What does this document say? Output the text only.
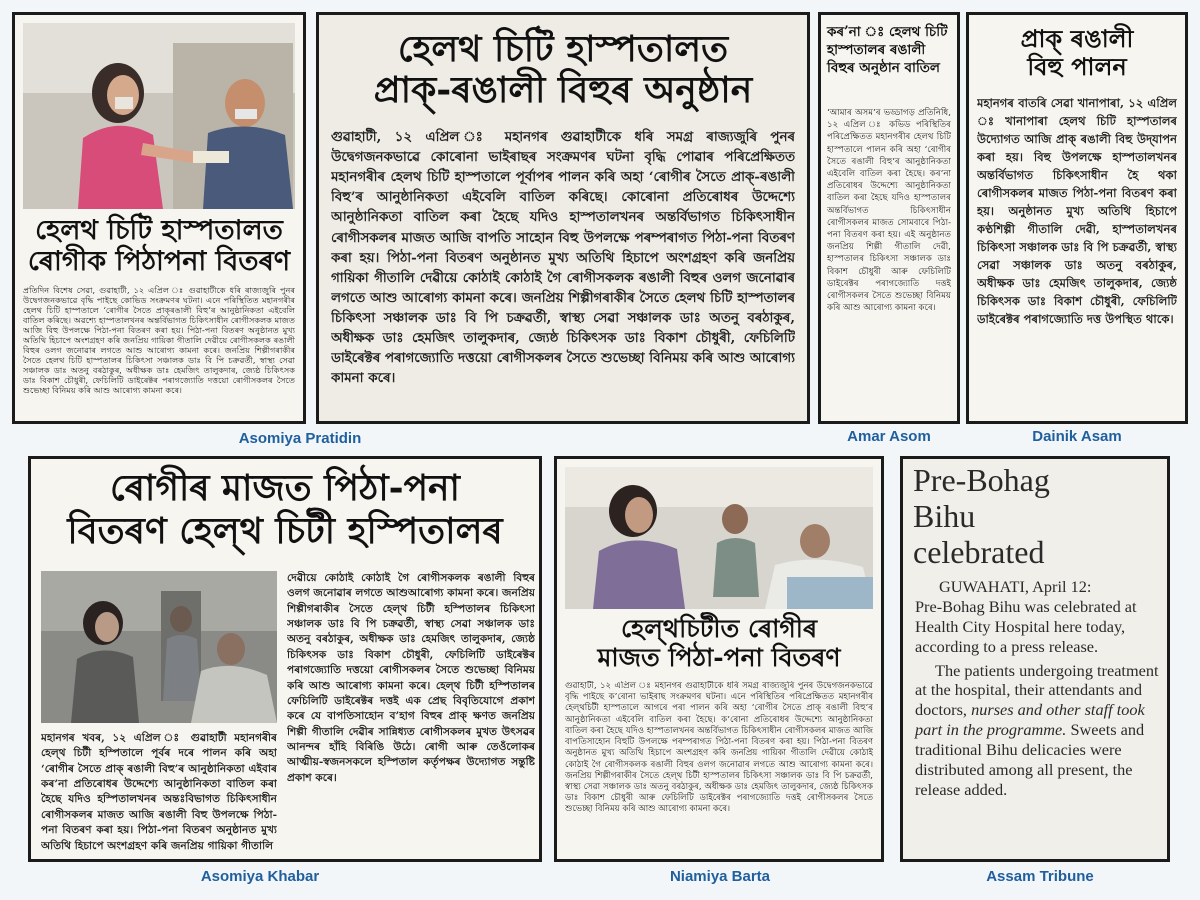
হেলথ চিটি হাস্পতালত

ৰোগীক পিঠাপনা বিতৰণ

প্ৰতিদিন বিশেষ সেৱা, গুৱাহাটী, ১২ এপ্ৰিল ঃ গুৱাহাটীকে ধৰি ৰাজ্যজুৰি পুনৰ উদ্বেগজনকভাৱে বৃদ্ধি পাইছে কোভিড সংক্ৰমণৰ ঘটনা। এনে পৰিস্থিতিত মহানগৰীৰ হেলথ চিটি হাস্পতালে ‘ৰোগীৰ সৈতে প্ৰাক্‌ৰঙালী বিহু’ৰ আনুষ্ঠানিকতা এইবেলি বাতিল কৰিছে। অৱশ্যে হাস্পতালখনৰ অন্তৰ্বিভাগত চিকিৎসাধীন ৰোগীসকলক মাজত আজি বিহু উপলক্ষে পিঠা-পনা বিতৰণ কৰা হয়। পিঠা-পনা বিতৰণ অনুষ্ঠানত মুখ্য অতিথি হিচাপে অংশগ্ৰহণ কৰি জনপ্ৰিয় গায়িকা গীতালি দেৱীয়ে ৰোগীসকলক ৰঙালী বিহুৰ ওলগ জনোৱাৰ লগতে আশু আৰোগ্য কামনা কৰে। জনপ্ৰিয় শিল্পীগৰাকীৰ সৈতে হেলথ চিটি হাস্পতালৰ চিকিৎসা সঞ্চালক ডাঃ বি পি চক্ৰৱৰ্তী, স্বাস্থ্য সেৱা সঞ্চালক ডাঃ অতনু বৰঠাকুৰ, অধীক্ষক ডাঃ হেমজিৎ তালুকদাৰ, জ্যেষ্ঠ চিকিৎসক ডাঃ বিকাশ চৌধুৰী, ফেচিলিটি ডাইৰেক্টৰ পৰাগজ্যোতি দত্তয়ো ৰোগীসকলৰ সৈতে শুভেচ্ছা বিনিময় কৰি আশু আৰোগ্য কামনা কৰে।

Asomiya Pratidin

হেলথ চিটি হাস্পতালত

প্ৰাক্‌-ৰঙালী বিহুৰ অনুষ্ঠান

গুৱাহাটী, ১২ এপ্ৰিল ঃ মহানগৰ গুৱাহাটীকে ধৰি সমগ্ৰ ৰাজ্যজুৰি পুনৰ উদ্বেগজনকভাৱে কোৰোনা ভাইৰাছৰ সংক্ৰমণৰ ঘটনা বৃদ্ধি পোৱাৰ পৰিপ্ৰেক্ষিতত মহানগৰীৰ হেলথ চিটি হাস্পতালে পূৰ্বাপৰ পালন কৰি অহা ‘ৰোগীৰ সৈতে প্ৰাক্‌-ৰঙালী বিহু’ৰ আনুষ্ঠানিকতা এইবেলি বাতিল কৰিছে। কোৰোনা প্ৰতিৰোধৰ উদ্দেশ্যে আনুষ্ঠানিকতা বাতিল কৰা হৈছে যদিও হাস্পতালখনৰ অন্তৰ্বিভাগত চিকিৎসাধীন ৰোগীসকলৰ মাজত আজি বাপতি সাহোন বিহু উপলক্ষে পৰম্পৰাগত পিঠা-পনা বিতৰণ কৰা হয়। পিঠা-পনা বিতৰণ অনুষ্ঠানত মুখ্য অতিথি হিচাপে অংশগ্ৰহণ কৰি জনপ্ৰিয় গায়িকা গীতালি দেৱীয়ে কোঠাই কোঠাই গৈ ৰোগীসকলক ৰঙালী বিহুৰ ওলগ জনোৱাৰ লগতে আশু আৰোগ্য কামনা কৰে। জনপ্ৰিয় শিল্পীগৰাকীৰ সৈতে হেলথ চিটি হাস্পতালৰ চিকিৎসা সঞ্চালক ডাঃ বি পি চক্ৰৱৰ্তী, স্বাস্থ্য সেৱা সঞ্চালক ডাঃ অতনু বৰঠাকুৰ, অধীক্ষক ডাঃ হেমজিৎ তালুকদাৰ, জ্যেষ্ঠ চিকিৎসক ডাঃ বিকাশ চৌধুৰী, ফেচিলিটি ডাইৰেক্টৰ পৰাগজ্যোতি দত্তয়ো ৰোগীসকলৰ সৈতে শুভেচ্ছা বিনিময় কৰি আশু আৰোগ্য কামনা কৰে।

কৰ’না ঃ হেলথ চিটি হাস্পতালৰ ৰঙালী বিহুৰ অনুষ্ঠান বাতিল

‘আমাৰ অসম’ৰ ভড্ডাগড় প্ৰতিনিধি, ১২ এপ্ৰিল ঃ কভিড পৰিস্থিতিৰ পৰিপ্ৰেক্ষিতত মহানগৰীৰ হেলথ চিটি হাস্পতালে পালন কৰি অহা ‘ৰোগীৰ সৈতে ৰঙালী বিহু’ৰ আনুষ্ঠানিকতা এইবেলি বাতিল কৰা হৈছে। কৰ’না প্ৰতিৰোধৰ উদ্দেশ্যে আনুষ্ঠানিকতা বাতিল কৰা হৈছে যদিও হাস্পতালৰ অন্তৰ্বিভাগত চিকিৎসাধীন ৰোগীসকলৰ মাজত সোমবাৰে পিঠা-পনা বিতৰণ কৰা হয়। এই অনুষ্ঠানত জনপ্ৰিয় শিল্পী গীতালি দেৱী, হাস্পতালৰ চিকিৎসা সঞ্চালক ডাঃ বিকাশ চৌধুৰী আৰু ফেচিলিটি ডাইৰেক্টৰ পৰাগজ্যোতি দত্তই ৰোগীসকলৰ সৈতে শুভেচ্ছা বিনিময় কৰি আশু আৰোগ্য কামনা কৰে।

Amar Asom

প্ৰাক্‌ ৰঙালী

বিহু পালন

মহানগৰ বাতৰি সেৱা খানাপাৰা, ১২ এপ্ৰিল ঃ খানাপাৰা হেলথ চিটি হাস্পতালৰ উদ্যোগত আজি প্ৰাক্‌ ৰঙালী বিহু উদ্‌যাপন কৰা হয়। বিহু উপলক্ষে হাস্পতালখনৰ অন্তৰ্বিভাগত চিকিৎসাধীন হৈ থকা ৰোগীসকলৰ মাজত পিঠা-পনা বিতৰণ কৰা হয়। অনুষ্ঠানত মুখ্য অতিথি হিচাপে কণ্ঠশিল্পী গীতালি দেৱী, হাস্পতালখনৰ চিকিৎসা সঞ্চালক ডাঃ বি পি চক্ৰৱৰ্তী, স্বাস্থ্য সেৱা সঞ্চালক ডাঃ অতনু বৰঠাকুৰ, অধীক্ষক ডাঃ হেমজিৎ তালুকদাৰ, জ্যেষ্ঠ চিকিৎসক ডাঃ বিকাশ চৌধুৰী, ফেচিলিটি ডাইৰেক্টৰ পৰাগজ্যোতি দত্ত উপস্থিত থাকে।

Dainik Asam

ৰোগীৰ মাজত পিঠা-পনা

বিতৰণ হেল্‌থ চিটী হস্পিতালৰ

মহানগৰ খবৰ, ১২ এপ্ৰিল ঃ গুৱাহাটী মহানগৰীৰ হেল্‌থ চিটী হস্পিতালে পূৰ্বৰ দৰে পালন কৰি অহা ‘ৰোগীৰ সৈতে প্ৰাক্‌ ৰঙালী বিহু’ৰ আনুষ্ঠানিকতা এইবাৰ কৰ’না প্ৰতিৰোধৰ উদ্দেশ্যে আনুষ্ঠানিকতা বাতিল কৰা হৈছে যদিও হস্পিতালখনৰ অন্তঃবিভাগত চিকিৎসাধীন ৰোগীসকলৰ মাজত আজি ৰঙালী বিহু উপলক্ষে পিঠা-পনা বিতৰণ কৰা হয়। পিঠা-পনা বিতৰণ অনুষ্ঠানত মুখ্য অতিথি হিচাপে অংশগ্ৰহণ কৰি জনপ্ৰিয় গায়িকা গীতালি

দেৱীয়ে কোঠাই কোঠাই গৈ ৰোগীসকলক ৰঙালী বিহুৰ ওলগ জনোৱাৰ লগতে আশুআৰোগ্য কামনা কৰে। জনপ্ৰিয় শিল্পীগৰাকীৰ সৈতে হেল্‌থ চিটী হস্পিতালৰ চিকিৎসা সঞ্চালক ডাঃ বি পি চক্ৰৱৰ্তী, স্বাস্থ্য সেৱা সঞ্চালক ডাঃ অতনু বৰঠাকুৰ, অধীক্ষক ডাঃ হেমজিৎ তালুকদাৰ, জ্যেষ্ঠ চিকিৎসক ডাঃ বিকাশ চৌধুৰী, ফেচিলিটি ডাইৰেক্টৰ পৰাগজ্যোতি দত্তয়ো ৰোগীসকলৰ সৈতে শুভেচ্ছা বিনিময় কৰি আশু আৰোগ্য কামনা কৰে। হেল্‌থ চিটী হস্পিতালৰ ফেচিলিটি ডাইৰেক্টৰ দত্তই এক প্ৰেছ বিবৃতিযোগে প্ৰকাশ কৰে যে বাপতিসাহোন ব’হাগ বিহুৰ প্ৰাক্‌ ক্ষণত জনপ্ৰিয় শিল্পী গীতালি দেৱীৰ সান্নিধ্যত ৰোগীসকলৰ মুখত উৎসৱৰ আনন্দৰ হাঁহি বিৰিঙি উঠে। ৰোগী আৰু তেওঁলোকৰ আত্মীয়-স্বজনসকলে হস্পিতাল কৰ্তৃপক্ষৰ উদ্যোগত সন্তুষ্টি প্ৰকাশ কৰে।

Asomiya Khabar

হেল্‌থচিটীত ৰোগীৰ

মাজত পিঠা-পনা বিতৰণ

গুৱাহাটী, ১২ এপ্ৰিল ঃ মহানগৰ গুৱাহাটীকে ধৰি সমগ্ৰ ৰাজ্যজুৰি পুনৰ উদ্বেগজনকভাৱে বৃদ্ধি পাইছে ক’ৰোনা ভাইৰাছ সংক্ৰমণৰ ঘটনা। এনে পৰিস্থিতিৰ পৰিপ্ৰেক্ষিতত মহানগৰীৰ হেল্‌থচিটী হাস্পতালে আগৰে পৰা পালন কৰি অহা ‘ৰোগীৰ সৈতে প্ৰাক্‌ ৰঙালী বিহু’ৰ আনুষ্ঠানিকতা এইবেলি বাতিল কৰা হৈছে। ক’ৰোনা প্ৰতিৰোধৰ উদ্দেশ্যে আনুষ্ঠানিকতা বাতিল কৰা হৈছে যদিও হাস্পতালখনৰ অন্তৰ্বিভাগত চিকিৎসাধীন ৰোগীসকলৰ মাজত আজি বাপতিসাহোন বিহুটি উপলক্ষে পৰম্পৰাগত পিঠা-পনা বিতৰণ কৰা হয়। পিঠা-পনা বিতৰণ অনুষ্ঠানত মুখ্য অতিথি হিচাপে অংশগ্ৰহণ কৰি জনপ্ৰিয় গায়িকা গীতালি দেৱীয়ে কোঠাই কোঠাই গৈ ৰোগীসকলক ৰঙালী বিহুৰ ওলগ জনোৱাৰ লগতে আশু আৰোগ্য কামনা কৰে। জনপ্ৰিয় শিল্পীগৰাকীৰ সৈতে হেল্‌থ চিটী হাস্পতালৰ চিকিৎসা সঞ্চালক ডাঃ বি পি চক্ৰৱৰ্তী, স্বাস্থ্য সেৱা সঞ্চালক ডাঃ অতনু বৰঠাকুৰ, অধীক্ষক ডাঃ হেমজিৎ তালুকদাৰ, জ্যেষ্ঠ চিকিৎসক ডাঃ বিকাশ চৌধুৰী আৰু ফেচিলিটি ডাইৰেক্টৰ পৰাগজ্যোতি দত্তই ৰোগীসকলৰ সৈতে শুভেচ্ছা বিনিময় কৰি আশু আৰোগ্য কামনা কৰে।

Niamiya Barta

Pre-Bohag

Bihu

celebrated

GUWAHATI, April 12:

Pre-Bohag Bihu was celebrated at Health City Hospital here today, according to a press release.

The patients undergoing treatment at the hospital, their attendants and doctors, nurses and other staff took part in the programme. Sweets and traditional Bihu delicacies were distributed among all present, the release added.

Assam Tribune
